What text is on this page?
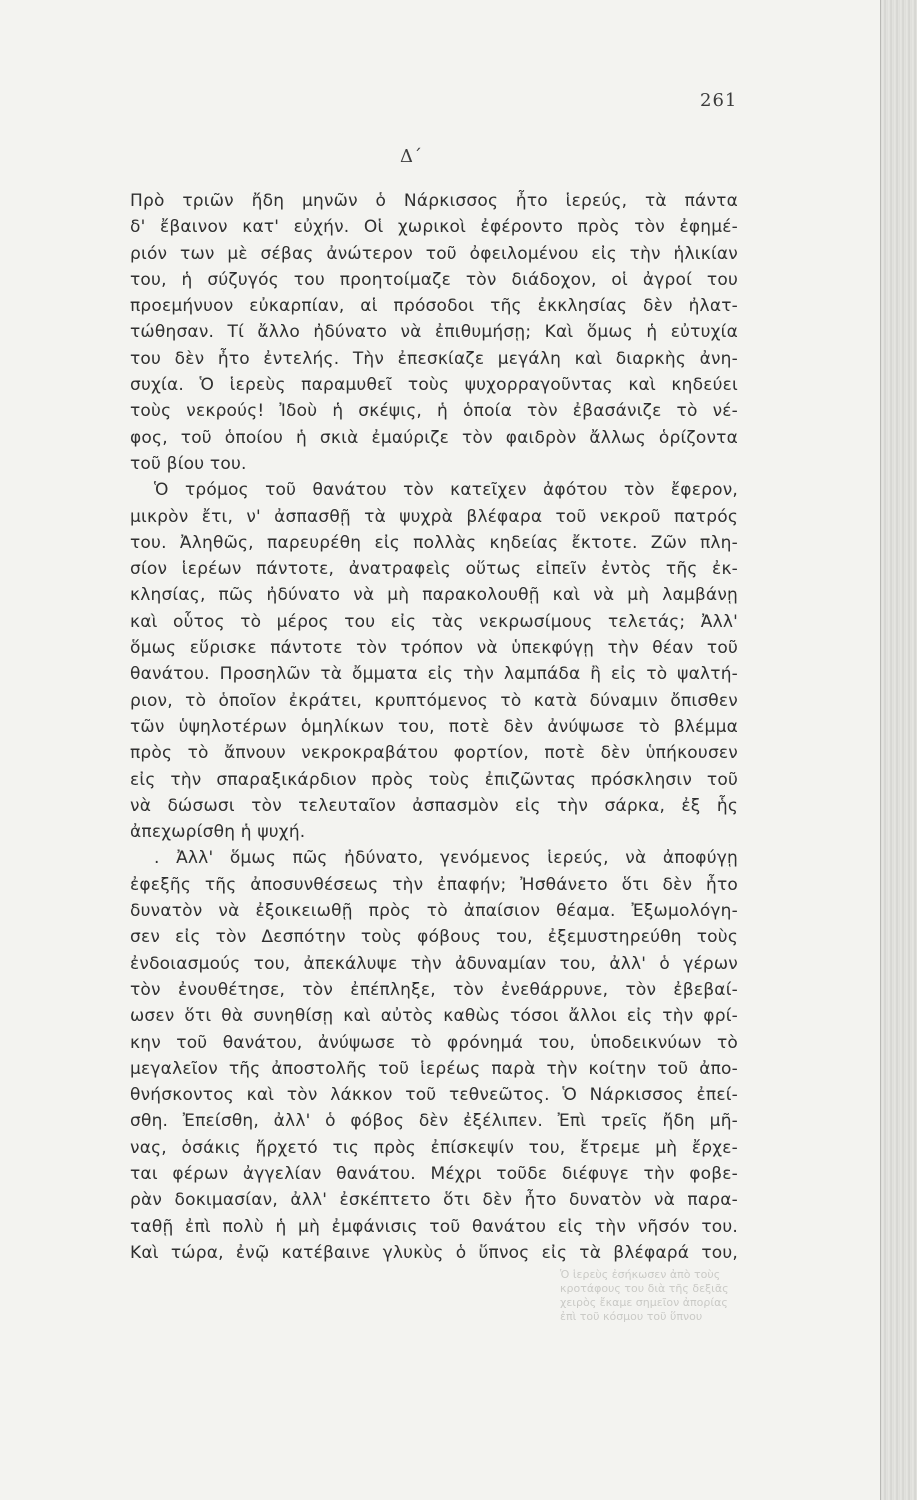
261
Δ´
Πρὸ τριῶν ἤδη μηνῶν ὁ Νάρκισσος ἦτο ἱερεύς, τὰ πάντα
δ' ἔβαινον κατ' εὐχήν. Οἱ χωρικοὶ ἐφέροντο πρὸς τὸν ἐφημέ-
ριόν των μὲ σέβας ἀνώτερον τοῦ ὀφειλομένου εἰς τὴν ἡλικίαν
του, ἡ σύζυγός του προητοίμαζε τὸν διάδοχον, οἱ ἀγροί του
προεμήνυον εὐκαρπίαν, αἱ πρόσοδοι τῆς ἐκκλησίας δὲν ἠλατ-
τώθησαν. Τί ἄλλο ἠδύνατο νὰ ἐπιθυμήσῃ; Καὶ ὅμως ἡ εὐτυχία
του δὲν ἦτο ἐντελής. Τὴν ἐπεσκίαζε μεγάλη καὶ διαρκὴς ἀνη-
συχία. Ὁ ἱερεὺς παραμυθεῖ τοὺς ψυχορραγοῦντας καὶ κηδεύει
τοὺς νεκρούς! Ἰδοὺ ἡ σκέψις, ἡ ὁποία τὸν ἐβασάνιζε τὸ νέ-
φος, τοῦ ὁποίου ἡ σκιὰ ἐμαύριζε τὸν φαιδρὸν ἄλλως ὁρίζοντα
τοῦ βίου του.
Ὁ τρόμος τοῦ θανάτου τὸν κατεῖχεν ἀφότου τὸν ἔφερον,
μικρὸν ἔτι, ν' ἀσπασθῇ τὰ ψυχρὰ βλέφαρα τοῦ νεκροῦ πατρός
του. Ἀληθῶς, παρευρέθη εἰς πολλὰς κηδείας ἔκτοτε. Ζῶν πλη-
σίον ἱερέων πάντοτε, ἀνατραφεὶς οὕτως εἰπεῖν ἐντὸς τῆς ἐκ-
κλησίας, πῶς ἠδύνατο νὰ μὴ παρακολουθῇ καὶ νὰ μὴ λαμβάνῃ
καὶ οὗτος τὸ μέρος του εἰς τὰς νεκρωσίμους τελετάς; Ἀλλ'
ὅμως εὕρισκε πάντοτε τὸν τρόπον νὰ ὑπεκφύγῃ τὴν θέαν τοῦ
θανάτου. Προσηλῶν τὰ ὄμματα εἰς τὴν λαμπάδα ἢ εἰς τὸ ψαλτή-
ριον, τὸ ὁποῖον ἐκράτει, κρυπτόμενος τὸ κατὰ δύναμιν ὄπισθεν
τῶν ὑψηλοτέρων ὁμηλίκων του, ποτὲ δὲν ἀνύψωσε τὸ βλέμμα
πρὸς τὸ ἄπνουν νεκροκραβάτου φορτίον, ποτὲ δὲν ὑπήκουσεν
εἰς τὴν σπαραξικάρδιον πρὸς τοὺς ἐπιζῶντας πρόσκλησιν τοῦ
νὰ δώσωσι τὸν τελευταῖον ἀσπασμὸν εἰς τὴν σάρκα, ἐξ ἧς
ἀπεχωρίσθη ἡ ψυχή.
. Ἀλλ' ὅμως πῶς ἠδύνατο, γενόμενος ἱερεύς, νὰ ἀποφύγῃ
ἐφεξῆς τῆς ἀποσυνθέσεως τὴν ἐπαφήν; Ἠσθάνετο ὅτι δὲν ἦτο
δυνατὸν νὰ ἐξοικειωθῇ πρὸς τὸ ἀπαίσιον θέαμα. Ἐξωμολόγη-
σεν εἰς τὸν Δεσπότην τοὺς φόβους του, ἐξεμυστηρεύθη τοὺς
ἐνδοιασμούς του, ἀπεκάλυψε τὴν ἀδυναμίαν του, ἀλλ' ὁ γέρων
τὸν ἐνουθέτησε, τὸν ἐπέπληξε, τὸν ἐνεθάρρυνε, τὸν ἐβεβαί-
ωσεν ὅτι θὰ συνηθίσῃ καὶ αὐτὸς καθὼς τόσοι ἄλλοι εἰς τὴν φρί-
κην τοῦ θανάτου, ἀνύψωσε τὸ φρόνημά του, ὑποδεικνύων τὸ
μεγαλεῖον τῆς ἀποστολῆς τοῦ ἱερέως παρὰ τὴν κοίτην τοῦ ἀπο-
θνήσκοντος καὶ τὸν λάκκον τοῦ τεθνεῶτος. Ὁ Νάρκισσος ἐπεί-
σθη. Ἐπείσθη, ἀλλ' ὁ φόβος δὲν ἐξέλιπεν. Ἐπὶ τρεῖς ἤδη μῆ-
νας, ὁσάκις ἤρχετό τις πρὸς ἐπίσκεψίν του, ἔτρεμε μὴ ἔρχε-
ται φέρων ἀγγελίαν θανάτου. Μέχρι τοῦδε διέφυγε τὴν φοβε-
ρὰν δοκιμασίαν, ἀλλ' ἐσκέπτετο ὅτι δὲν ἦτο δυνατὸν νὰ παρα-
ταθῇ ἐπὶ πολὺ ἡ μὴ ἐμφάνισις τοῦ θανάτου εἰς τὴν νῆσόν του.
Καὶ τώρα, ἐνῷ κατέβαινε γλυκὺς ὁ ὕπνος εἰς τὰ βλέφαρά του,
Ὁ ἱερεὺς ἐσήκωσεν ἀπὸ τοὺς κροτάφους του διὰ τῆς δεξιᾶς χειρὸς ἔκαμε σημεῖον ἀπορίας ἐπὶ τοῦ κόσμου τοῦ ὕπνου
